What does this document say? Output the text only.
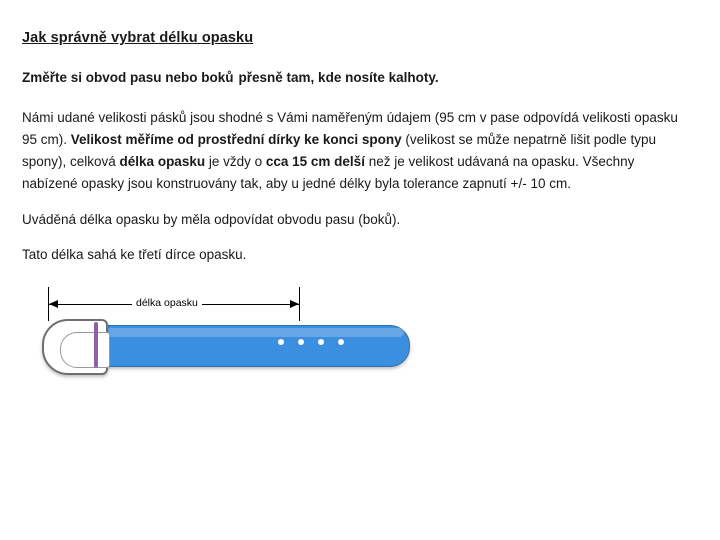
Jak správně vybrat délku opasku

Změřte si obvod pasu nebo boků přesně tam, kde nosíte kalhoty.

Námi udané velikosti pásků jsou shodné s Vámi naměřeným údajem (95 cm v pase odpovídá velikosti opasku 95 cm). Velikost měříme od prostřední dírky ke konci spony (velikost se může nepatrně lišit podle typu spony), celková délka opasku je vždy o cca 15 cm delší než je velikost udávaná na opasku. Všechny nabízené opasky jsou konstruovány tak, aby u jedné délky byla tolerance zapnutí +/- 10 cm.

Uváděná délka opasku by měla odpovídat obvodu pasu (boků).

Tato délka sahá ke třetí dírce opasku.

délka opasku
